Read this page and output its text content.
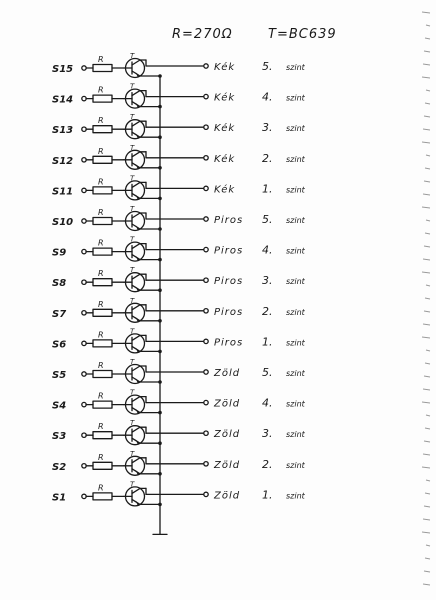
R=270Ω	T=BC639
S15
R	T
Kék 5. szint
S14
R	T
Kék 4. szint
S13
R	T
Kék 3. szint
S12
R	T
Kék 2. szint
S11
R	T
Kék 1. szint
S10
R	T
Piros 5. szint
S9
R	T
Piros 4. szint
S8
R	T
Piros 3. szint
S7
R	T
Piros 2. szint
S6
R	T
Piros 1. szint
S5
R	T
Zöld 5. szint
S4
R	T
Zöld 4. szint
S3
R	T
Zöld 3. szint
S2
R	T
Zöld 2. szint
S1
R	T
Zöld 1. szint
